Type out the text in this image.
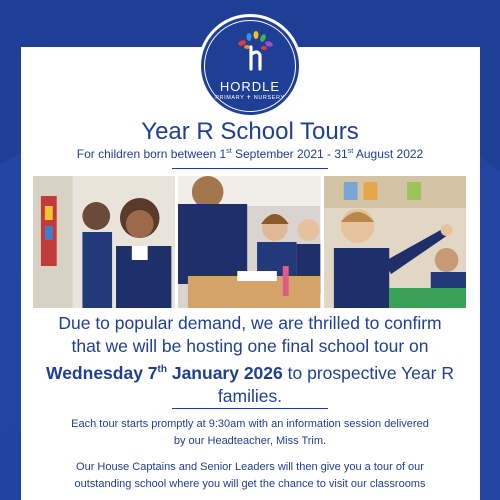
HORDLE
PRIMARY ✝ NURSERY
Year R School Tours
For children born between 1st September 2021 - 31st August 2022
Due to popular demand, we are thrilled to confirm
that we will be hosting one final school tour on
Wednesday 7th January 2026 to prospective Year R
families.
Each tour starts promptly at 9:30am with an information session delivered
by our Headteacher, Miss Trim.
Our House Captains and Senior Leaders will then give you a tour of our
outstanding school where you will get the chance to visit our classrooms
